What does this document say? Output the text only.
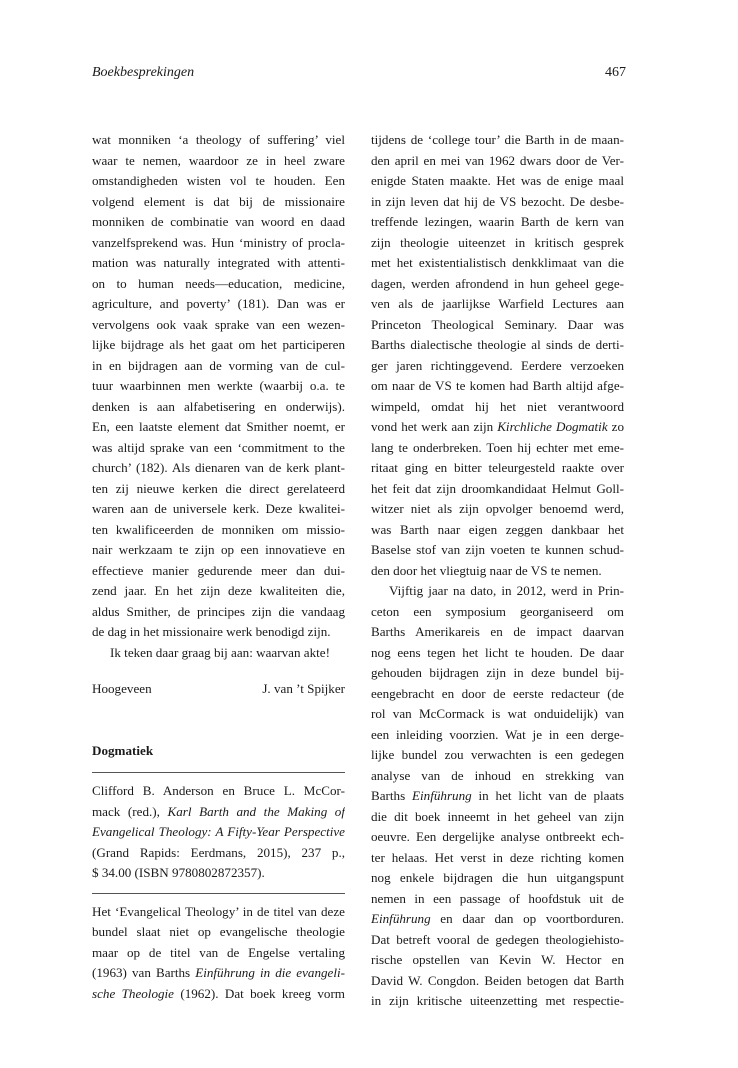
Boekbesprekingen	467

wat monniken ‘a theology of suffering’ viel

waar te nemen, waardoor ze in heel zware

omstandigheden wisten vol te houden. Een

volgend element is dat bij de missionaire

monniken de combinatie van woord en daad

vanzelfsprekend was. Hun ‘ministry of procla-

mation was naturally integrated with attenti-

on to human needs—education, medicine,

agriculture, and poverty’ (181). Dan was er

vervolgens ook vaak sprake van een wezen-

lijke bijdrage als het gaat om het participeren

in en bijdragen aan de vorming van de cul-

tuur waarbinnen men werkte (waarbij o.a. te

denken is aan alfabetisering en onderwijs).

En, een laatste element dat Smither noemt, er

was altijd sprake van een ‘commitment to the

church’ (182). Als dienaren van de kerk plant-

ten zij nieuwe kerken die direct gerelateerd

waren aan de universele kerk. Deze kwalitei-

ten kwalificeerden de monniken om missio-

nair werkzaam te zijn op een innovatieve en

effectieve manier gedurende meer dan dui-

zend jaar. En het zijn deze kwaliteiten die,

aldus Smither, de principes zijn die vandaag

de dag in het missionaire werk benodigd zijn.

Ik teken daar graag bij aan: waarvan akte!

Hoogeveen	J. van ’t Spijker
Dogmatiek

Clifford B. Anderson en Bruce L. McCor-

mack (red.), Karl Barth and the Making of

Evangelical Theology: A Fifty-Year Perspective

(Grand Rapids: Eerdmans, 2015), 237 p.,

$ 34.00 (ISBN 9780802872357).

Het ‘Evangelical Theology’ in de titel van deze

bundel slaat niet op evangelische theologie

maar op de titel van de Engelse vertaling

(1963) van Barths Einführung in die evangeli-

sche Theologie (1962). Dat boek kreeg vorm

tijdens de ‘college tour’ die Barth in de maan-

den april en mei van 1962 dwars door de Ver-

enigde Staten maakte. Het was de enige maal

in zijn leven dat hij de VS bezocht. De desbe-

treffende lezingen, waarin Barth de kern van

zijn theologie uiteenzet in kritisch gesprek

met het existentialistisch denkklimaat van die

dagen, werden afrondend in hun geheel gege-

ven als de jaarlijkse Warfield Lectures aan

Princeton Theological Seminary. Daar was

Barths dialectische theologie al sinds de derti-

ger jaren richtinggevend. Eerdere verzoeken

om naar de VS te komen had Barth altijd afge-

wimpeld, omdat hij het niet verantwoord

vond het werk aan zijn Kirchliche Dogmatik zo

lang te onderbreken. Toen hij echter met eme-

ritaat ging en bitter teleurgesteld raakte over

het feit dat zijn droomkandidaat Helmut Goll-

witzer niet als zijn opvolger benoemd werd,

was Barth naar eigen zeggen dankbaar het

Baselse stof van zijn voeten te kunnen schud-

den door het vliegtuig naar de VS te nemen.

Vijftig jaar na dato, in 2012, werd in Prin-

ceton een symposium georganiseerd om

Barths Amerikareis en de impact daarvan

nog eens tegen het licht te houden. De daar

gehouden bijdragen zijn in deze bundel bij-

eengebracht en door de eerste redacteur (de

rol van McCormack is wat onduidelijk) van

een inleiding voorzien. Wat je in een derge-

lijke bundel zou verwachten is een gedegen

analyse van de inhoud en strekking van

Barths Einführung in het licht van de plaats

die dit boek inneemt in het geheel van zijn

oeuvre. Een dergelijke analyse ontbreekt ech-

ter helaas. Het verst in deze richting komen

nog enkele bijdragen die hun uitgangspunt

nemen in een passage of hoofdstuk uit de

Einführung en daar dan op voortborduren.

Dat betreft vooral de gedegen theologiehisto-

rische opstellen van Kevin W. Hector en

David W. Congdon. Beiden betogen dat Barth

in zijn kritische uiteenzetting met respectie-
